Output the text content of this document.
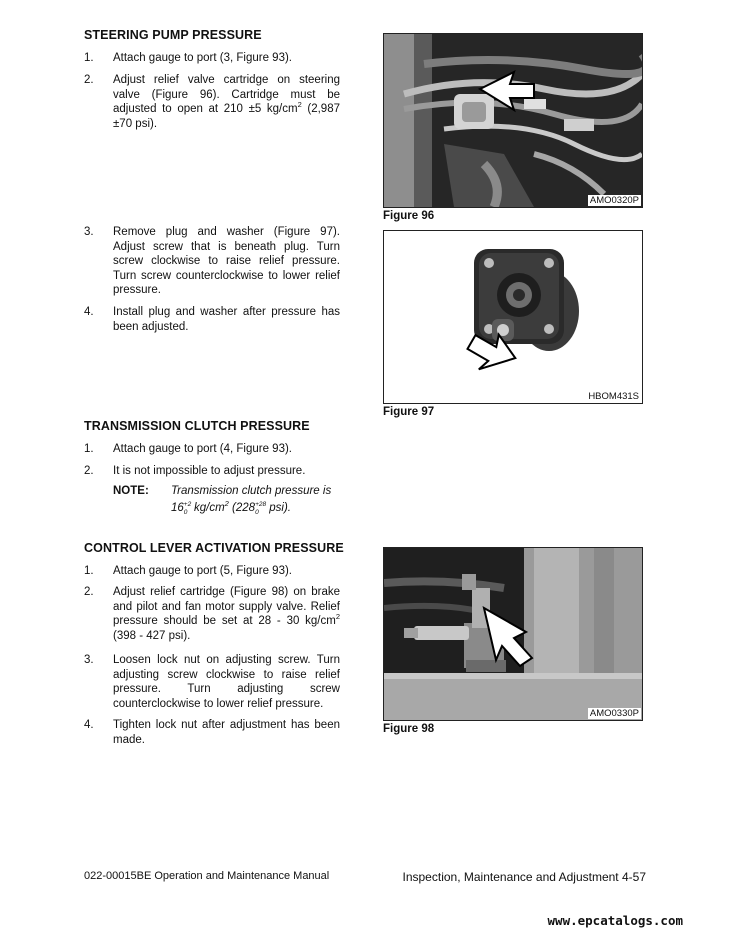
STEERING PUMP PRESSURE
1. Attach gauge to port (3, Figure 93).
2. Adjust relief valve cartridge on steering valve (Figure 96). Cartridge must be adjusted to open at 210 ±5 $kg/cm^2$ (2,987 ±70 psi).
3. Remove plug and washer (Figure 97). Adjust screw that is beneath plug. Turn screw clockwise to raise relief pressure. Turn screw counterclockwise to lower relief pressure.
4. Install plug and washer after pressure has been adjusted.
TRANSMISSION CLUTCH PRESSURE
1. Attach gauge to port (4, Figure 93).
2. It is not impossible to adjust pressure.
NOTE: Transmission clutch pressure is
16 +2
0 $kg/cm^2$ (228 +28
0 psi).
CONTROL LEVER ACTIVATION PRESSURE
1. Attach gauge to port (5, Figure 93).
2. Adjust relief cartridge (Figure 98) on brake and pilot and fan motor supply valve. Relief pressure should be set at 28 - 30 $kg/cm^2$ (398 - 427 psi).
3. Loosen lock nut on adjusting screw. Turn adjusting screw clockwise to raise relief pressure. Turn adjusting screw counterclockwise to lower relief pressure.
4. Tighten lock nut after adjustment has been made.
AMO0320P
Figure 96
HBOM431S
Figure 97
AMO0330P
Figure 98
022-00015BE Operation and Maintenance Manual	Inspection, Maintenance and Adjustment 4-57
www.epcatalogs.com
